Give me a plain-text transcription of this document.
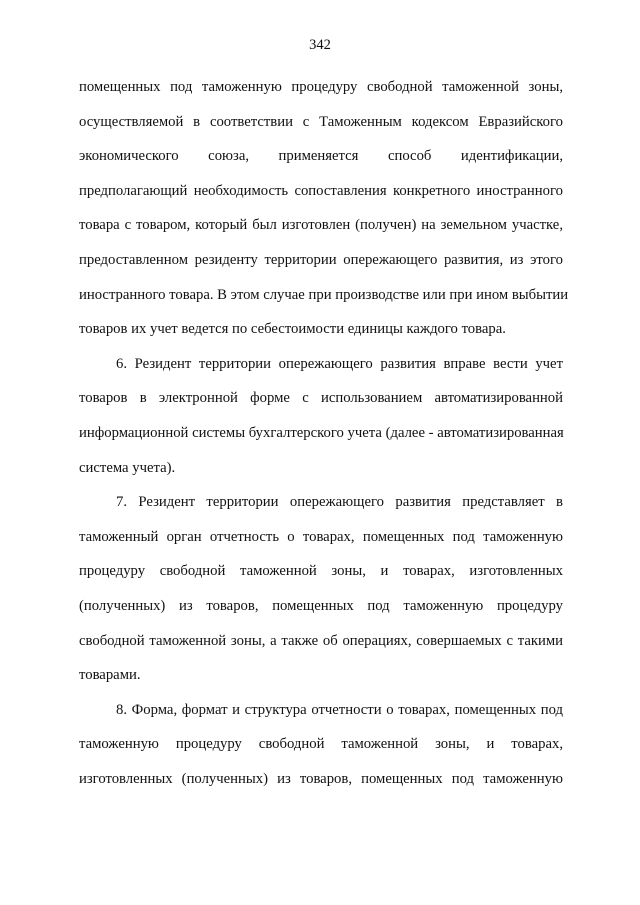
342
помещенных под таможенную процедуру свободной таможенной зоны,
осуществляемой в соответствии с Таможенным кодексом Евразийского
экономического союза, применяется способ идентификации,
предполагающий необходимость сопоставления конкретного иностранного
товара с товаром, который был изготовлен (получен) на земельном участке,
предоставленном резиденту территории опережающего развития, из этого
иностранного товара. В этом случае при производстве или при ином выбытии
товаров их учет ведется по себестоимости единицы каждого товара.
6. Резидент территории опережающего развития вправе вести учет
товаров в электронной форме с использованием автоматизированной
информационной системы бухгалтерского учета (далее - автоматизированная
система учета).
7. Резидент территории опережающего развития представляет в
таможенный орган отчетность о товарах, помещенных под таможенную
процедуру свободной таможенной зоны, и товарах, изготовленных
(полученных) из товаров, помещенных под таможенную процедуру
свободной таможенной зоны, а также об операциях, совершаемых с такими
товарами.
8. Форма, формат и структура отчетности о товарах, помещенных под
таможенную процедуру свободной таможенной зоны, и товарах,
изготовленных (полученных) из товаров, помещенных под таможенную
